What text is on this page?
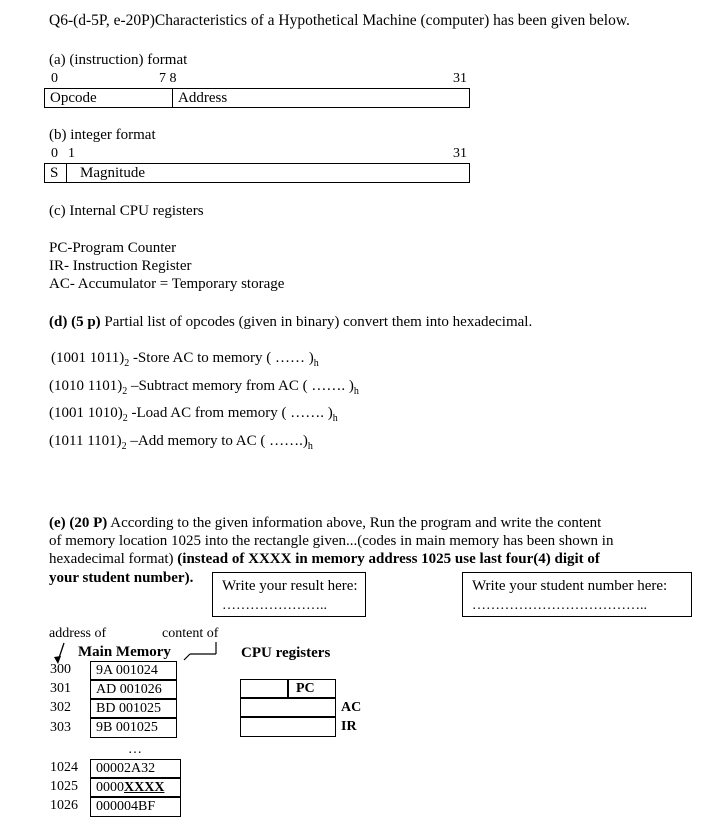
Q6-(d-5P, e-20P)Characteristics of a Hypothetical Machine (computer) has been given below.
(a) (instruction) format
0	7 8	31
Opcode	Address
(b) integer format
0 1	31
S Magnitude
(c) Internal CPU registers
PC-Program Counter
IR- Instruction Register
AC- Accumulator = Temporary storage
(d) (5 p) Partial list of opcodes (given in binary) convert them into hexadecimal.
(1001 $1011)_2$ -Store AC to memory ( …… )$_h$
(1010 $1101)_2$ –Subtract memory from AC ( ……. )$_h$
(1001 $1010)_2$ -Load AC from memory ( ……. )$_h$
(1011 $1101)_2$ –Add memory to AC ( $\dots\dots.)_h$
(e) (20 P) According to the given information above, Run the program and write the content
of memory location 1025 into the rectangle given...(codes in main memory has been shown in
hexadecimal format) (instead of XXXX in memory address 1025 use last four(4) digit of
your student number). Write your result here:
…………………..
Write your student number here:
………………………………..
address of	content of
Main Memory	CPU registers
300	9A 001024
301	AD 001026
302	BD 001025
303	9B 001025
…
1024	00002A32
1025	0000XXXX
1026	000004BF
PC
AC
IR
